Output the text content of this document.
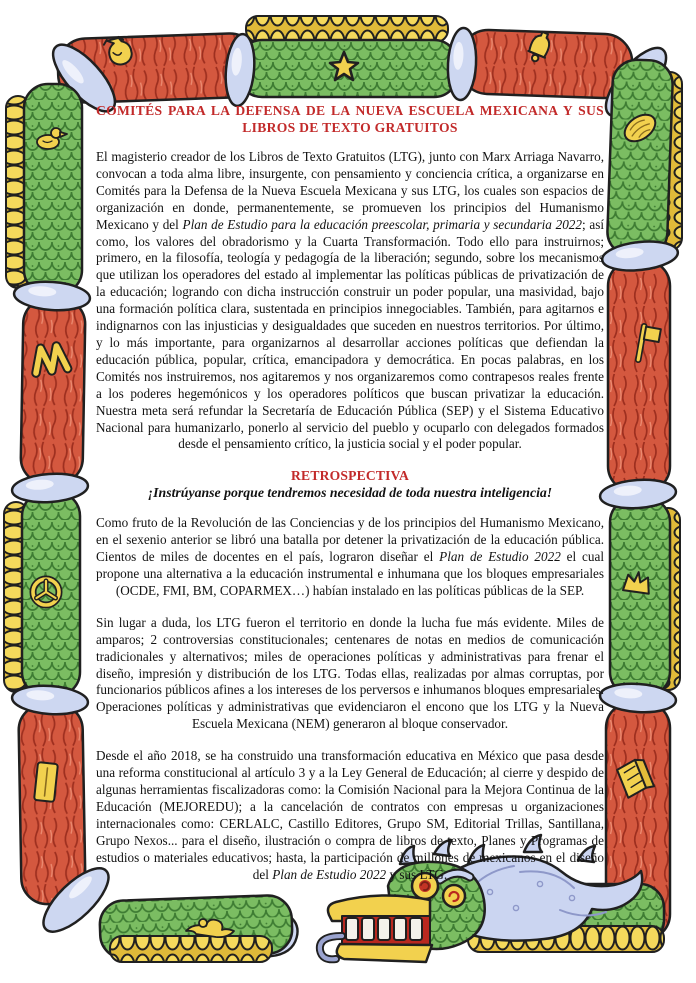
COMITÉS PARA LA DEFENSA DE LA NUEVA ESCUELA MEXICANA Y SUS LIBROS DE TEXTO GRATUITOS

El magisterio creador de los Libros de Texto Gratuitos (LTG), junto con Marx Arriaga Navarro, convocan a toda alma libre, insurgente, con pensamiento y conciencia crítica, a organizarse en Comités para la Defensa de la Nueva Escuela Mexicana y sus LTG, los cuales son espacios de organización en donde, permanentemente, se promueven los principios del Humanismo Mexicano y del Plan de Estudio para la educación preescolar, primaria y secundaria 2022; así como, los valores del obradorismo y la Cuarta Transformación. Todo ello para instruirnos; primero, en la filosofía, teología y pedagogía de la liberación; segundo, sobre los mecanismos que utilizan los operadores del estado al implementar las políticas públicas de privatización de la educación; logrando con dicha instrucción construir un poder popular, una masividad, bajo una formación política clara, sustentada en principios innegociables. También, para agitarnos e indignarnos con las injusticias y desigualdades que suceden en nuestros territorios. Por último, y lo más importante, para organizarnos al desarrollar acciones políticas que defiendan la educación pública, popular, crítica, emancipadora y democrática. En pocas palabras, en los Comités nos instruiremos, nos agitaremos y nos organizaremos como contrapesos reales frente a los poderes hegemónicos y los operadores políticos que buscan privatizar la educación. Nuestra meta será refundar la Secretaría de Educación Pública (SEP) y el Sistema Educativo Nacional para humanizarlo, ponerlo al servicio del pueblo y ocuparlo con delegados formados desde el pensamiento crítico, la justicia social y el poder popular.

RETROSPECTIVA

¡Instrúyanse porque tendremos necesidad de toda nuestra inteligencia!

Como fruto de la Revolución de las Conciencias y de los principios del Humanismo Mexicano, en el sexenio anterior se libró una batalla por detener la privatización de la educación pública. Cientos de miles de docentes en el país, lograron diseñar el Plan de Estudio 2022 el cual propone una alternativa a la educación instrumental e inhumana que los bloques empresariales (OCDE, FMI, BM, COPARMEX…) habían instalado en las políticas públicas de la SEP.

Sin lugar a duda, los LTG fueron el territorio en donde la lucha fue más evidente. Miles de amparos; 2 controversias constitucionales; centenares de notas en medios de comunicación tradicionales y alternativos; miles de operaciones políticas y administrativas para frenar el diseño, impresión y distribución de los LTG. Todas ellas, realizadas por almas corruptas, por funcionarios públicos afines a los intereses de los perversos e inhumanos bloques empresariales. Operaciones políticas y administrativas que evidenciaron el encono que los LTG y la Nueva Escuela Mexicana (NEM) generaron al bloque conservador.

Desde el año 2018, se ha construido una transformación educativa en México que pasa desde una reforma constitucional al artículo 3 y a la Ley General de Educación; al cierre y despido de algunas herramientas fiscalizadoras como: la Comisión Nacional para la Mejora Continua de la Educación (MEJOREDU); a la cancelación de contratos con empresas u organizaciones internacionales como: CERLALC, Castillo Editores, Grupo SM, Editorial Trillas, Santillana, Grupo Nexos... para el diseño, ilustración o compra de libros de texto, Planes y Programas de estudios o materiales educativos; hasta, la participación de millones de mexicanos en el diseño del Plan de Estudio 2022 y sus LTG.
